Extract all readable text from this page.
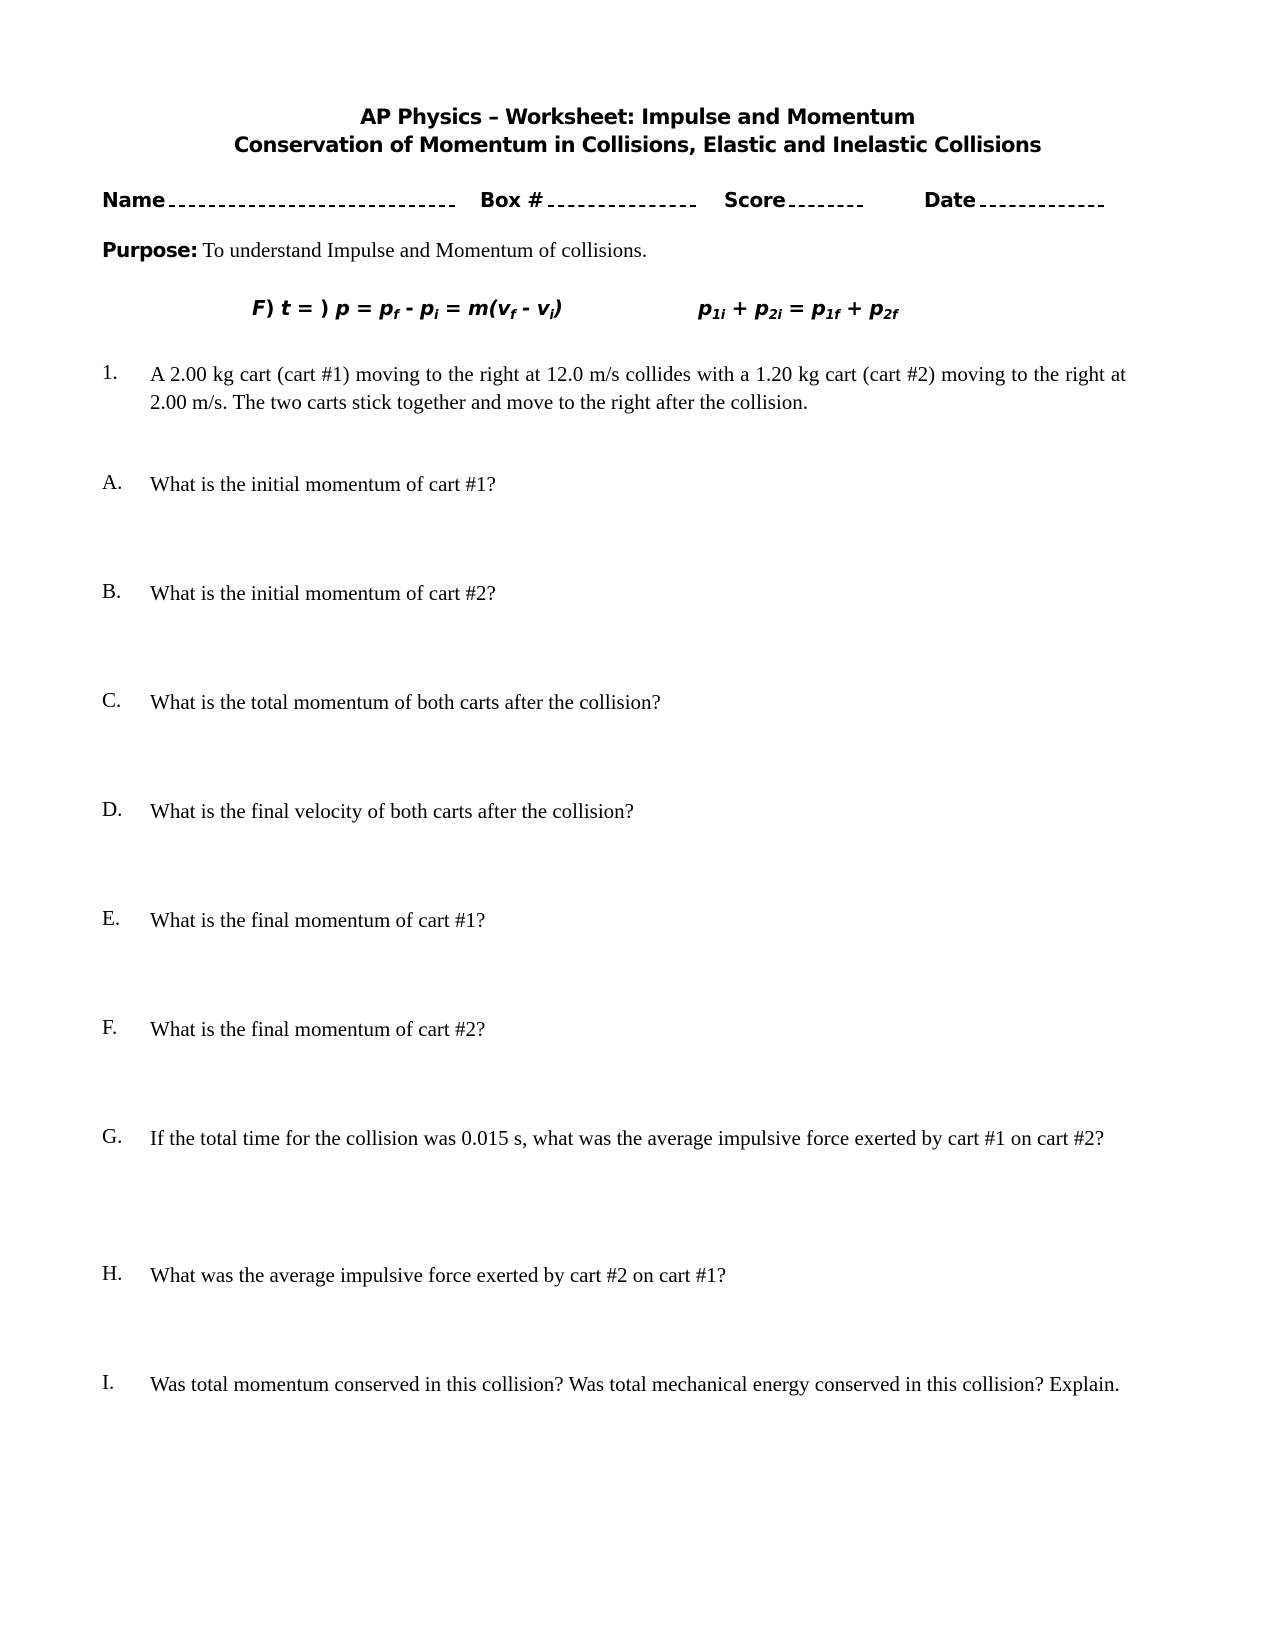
AP Physics – Worksheet: Impulse and Momentum
Conservation of Momentum in Collisions, Elastic and Inelastic Collisions
Name	Box #	Score	Date
Purpose: To understand Impulse and Momentum of collisions.
F) t = ) $p = p_f - p_i = m(v_f - v_i)$	$p_{1i} + p_{2i} = p_{1f} + p_{2f}$
1. A 2.00 kg cart (cart #1) moving to the right at 12.0 m/s collides with a 1.20 kg cart (cart #2) moving to the right at 2.00 m/s. The two carts stick together and move to the right after the collision.
A. What is the initial momentum of cart #1?
B. What is the initial momentum of cart #2?
C. What is the total momentum of both carts after the collision?
D. What is the final velocity of both carts after the collision?
E. What is the final momentum of cart #1?
F. What is the final momentum of cart #2?
G. If the total time for the collision was 0.015 s, what was the average impulsive force exerted by cart #1 on cart #2?
H. What was the average impulsive force exerted by cart #2 on cart #1?
I. Was total momentum conserved in this collision? Was total mechanical energy conserved in this collision? Explain.
